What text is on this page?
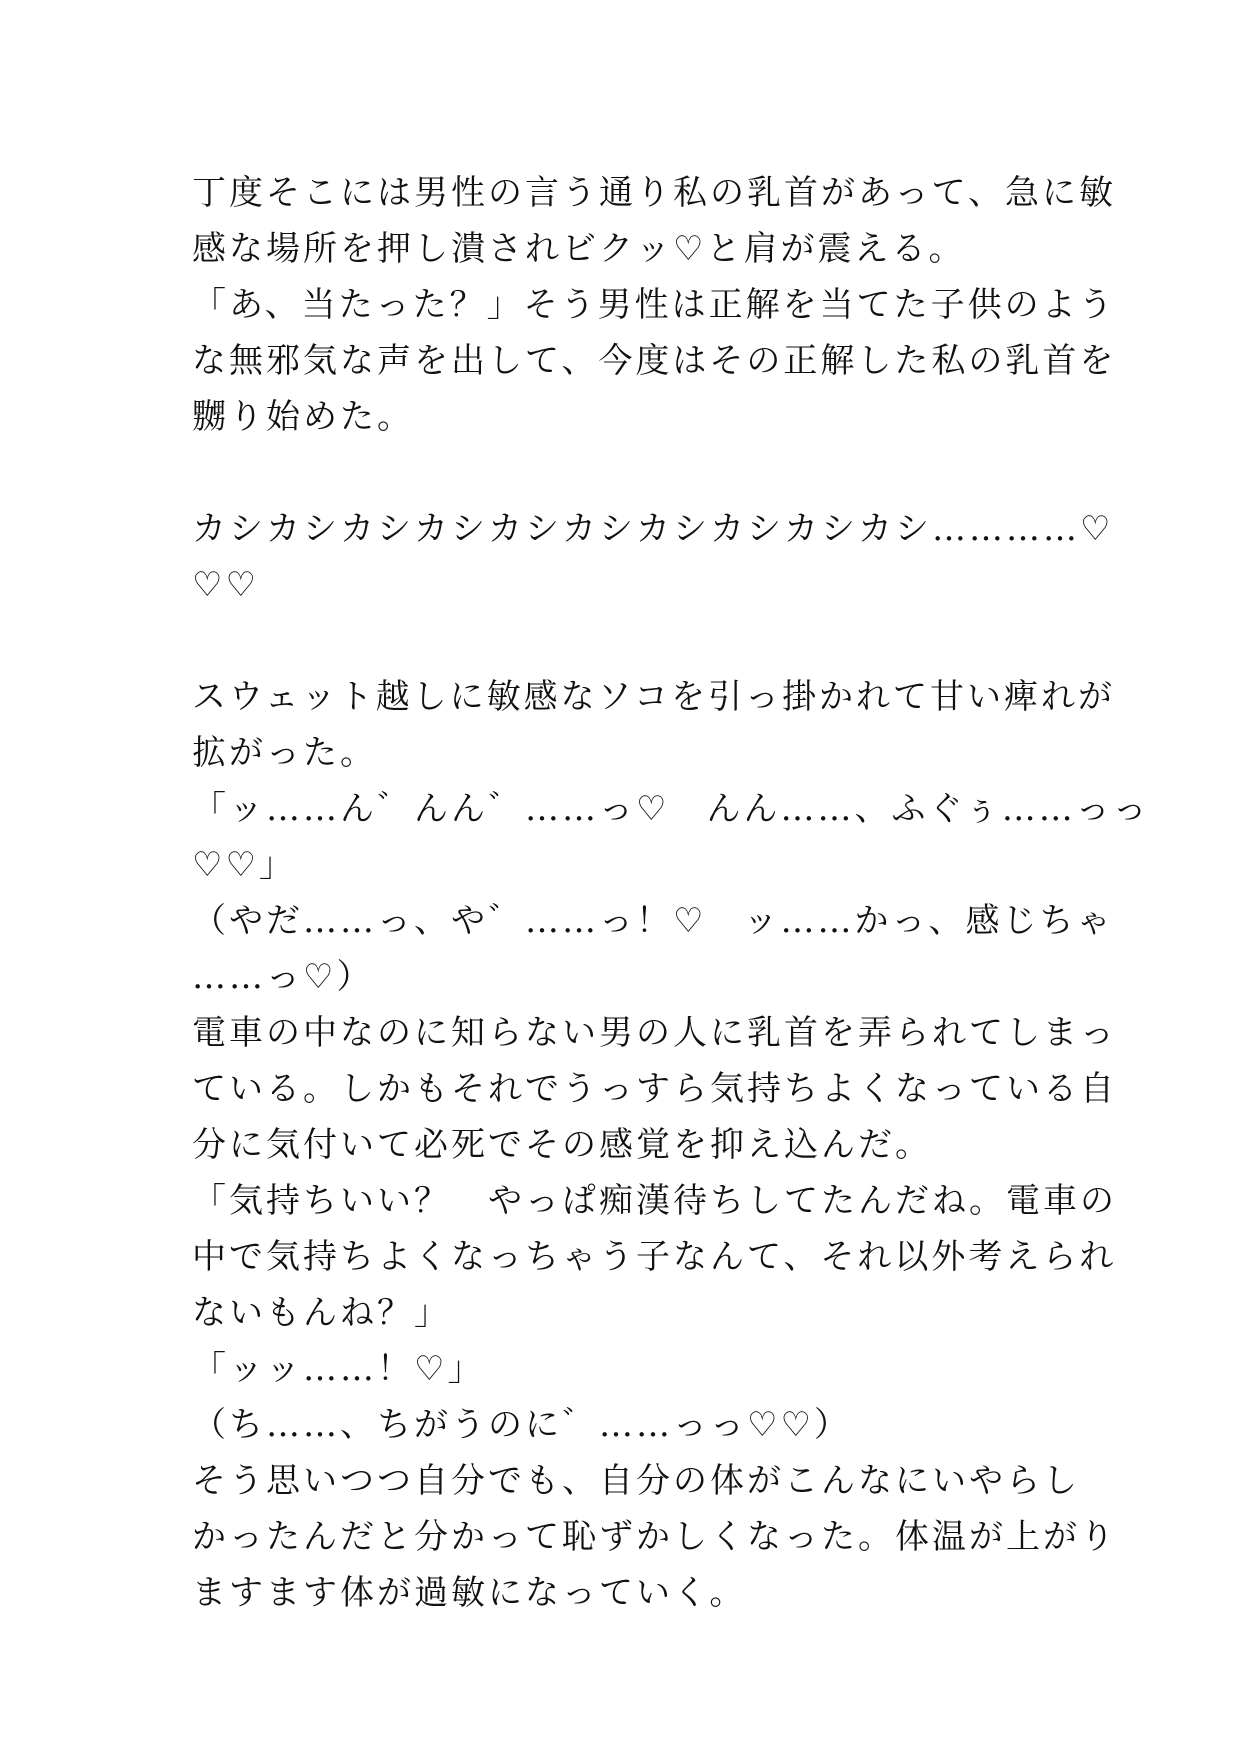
丁度そこには男性の言う通り私の乳首があって、急に敏
感な場所を押し潰されビクッ♡と肩が震える。
「あ、当たった？」そう男性は正解を当てた子供のよう
な無邪気な声を出して、今度はその正解した私の乳首を
嬲り始めた。
カシカシカシカシカシカシカシカシカシカシ…………♡
♡♡
スウェット越しに敏感なソコを引っ掛かれて甘い痺れが
拡がった。
「ッ……ん゛んん゛……っ♡　んん……、ふぐぅ……っっ
♡♡」
（やだ……っ、や゛……っ！♡　ッ……かっ、感じちゃ
……っ♡）
電車の中なのに知らない男の人に乳首を弄られてしまっ
ている。しかもそれでうっすら気持ちよくなっている自
分に気付いて必死でその感覚を抑え込んだ。
「気持ちいい？　やっぱ痴漢待ちしてたんだね。電車の
中で気持ちよくなっちゃう子なんて、それ以外考えられ
ないもんね？」
「ッッ……！♡」
（ち……、ちがうのに゛……っっ♡♡）
そう思いつつ自分でも、自分の体がこんなにいやらし
かったんだと分かって恥ずかしくなった。体温が上がり
ますます体が過敏になっていく。
